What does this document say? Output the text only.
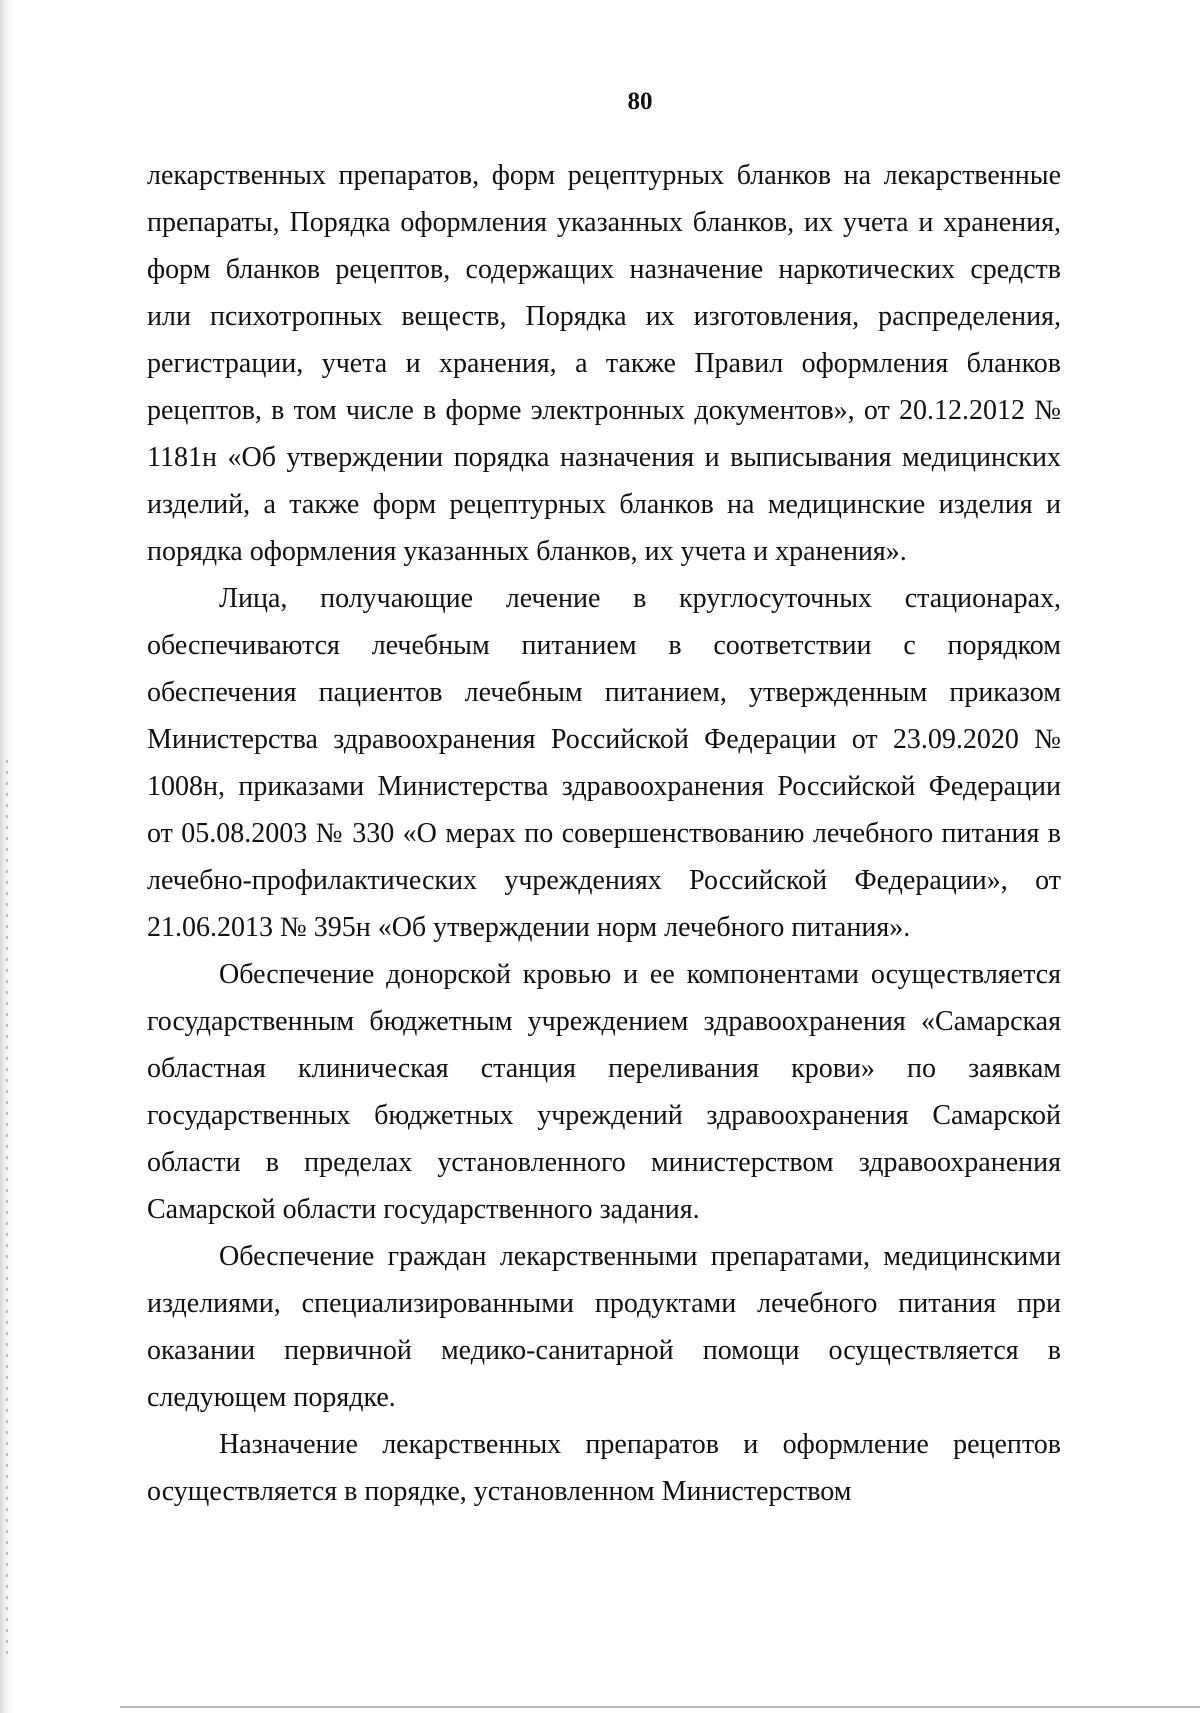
80

лекарственных препаратов, форм рецептурных бланков на лекарственные препараты, Порядка оформления указанных бланков, их учета и хранения, форм бланков рецептов, содержащих назначение наркотических средств или психотропных веществ, Порядка их изготовления, распределения, регистрации, учета и хранения, а также Правил оформления бланков рецептов, в том числе в форме электронных документов», от 20.12.2012 № 1181н «Об утверждении порядка назначения и выписывания медицинских изделий, а также форм рецептурных бланков на медицинские изделия и порядка оформления указанных бланков, их учета и хранения».

Лица, получающие лечение в круглосуточных стационарах, обеспечиваются лечебным питанием в соответствии с порядком обеспечения пациентов лечебным питанием, утвержденным приказом Министерства здравоохранения Российской Федерации от 23.09.2020 № 1008н, приказами Министерства здравоохранения Российской Федерации от 05.08.2003 № 330 «О мерах по совершенствованию лечебного питания в лечебно-профилактических учреждениях Российской Федерации», от 21.06.2013 № 395н «Об утверждении норм лечебного питания».

Обеспечение донорской кровью и ее компонентами осуществляется государственным бюджетным учреждением здравоохранения «Самарская областная клиническая станция переливания крови» по заявкам государственных бюджетных учреждений здравоохранения Самарской области в пределах установленного министерством здравоохранения Самарской области государственного задания.

Обеспечение граждан лекарственными препаратами, медицинскими изделиями, специализированными продуктами лечебного питания при оказании первичной медико-санитарной помощи осуществляется в следующем порядке.

Назначение лекарственных препаратов и оформление рецептов осуществляется в порядке, установленном Министерством
